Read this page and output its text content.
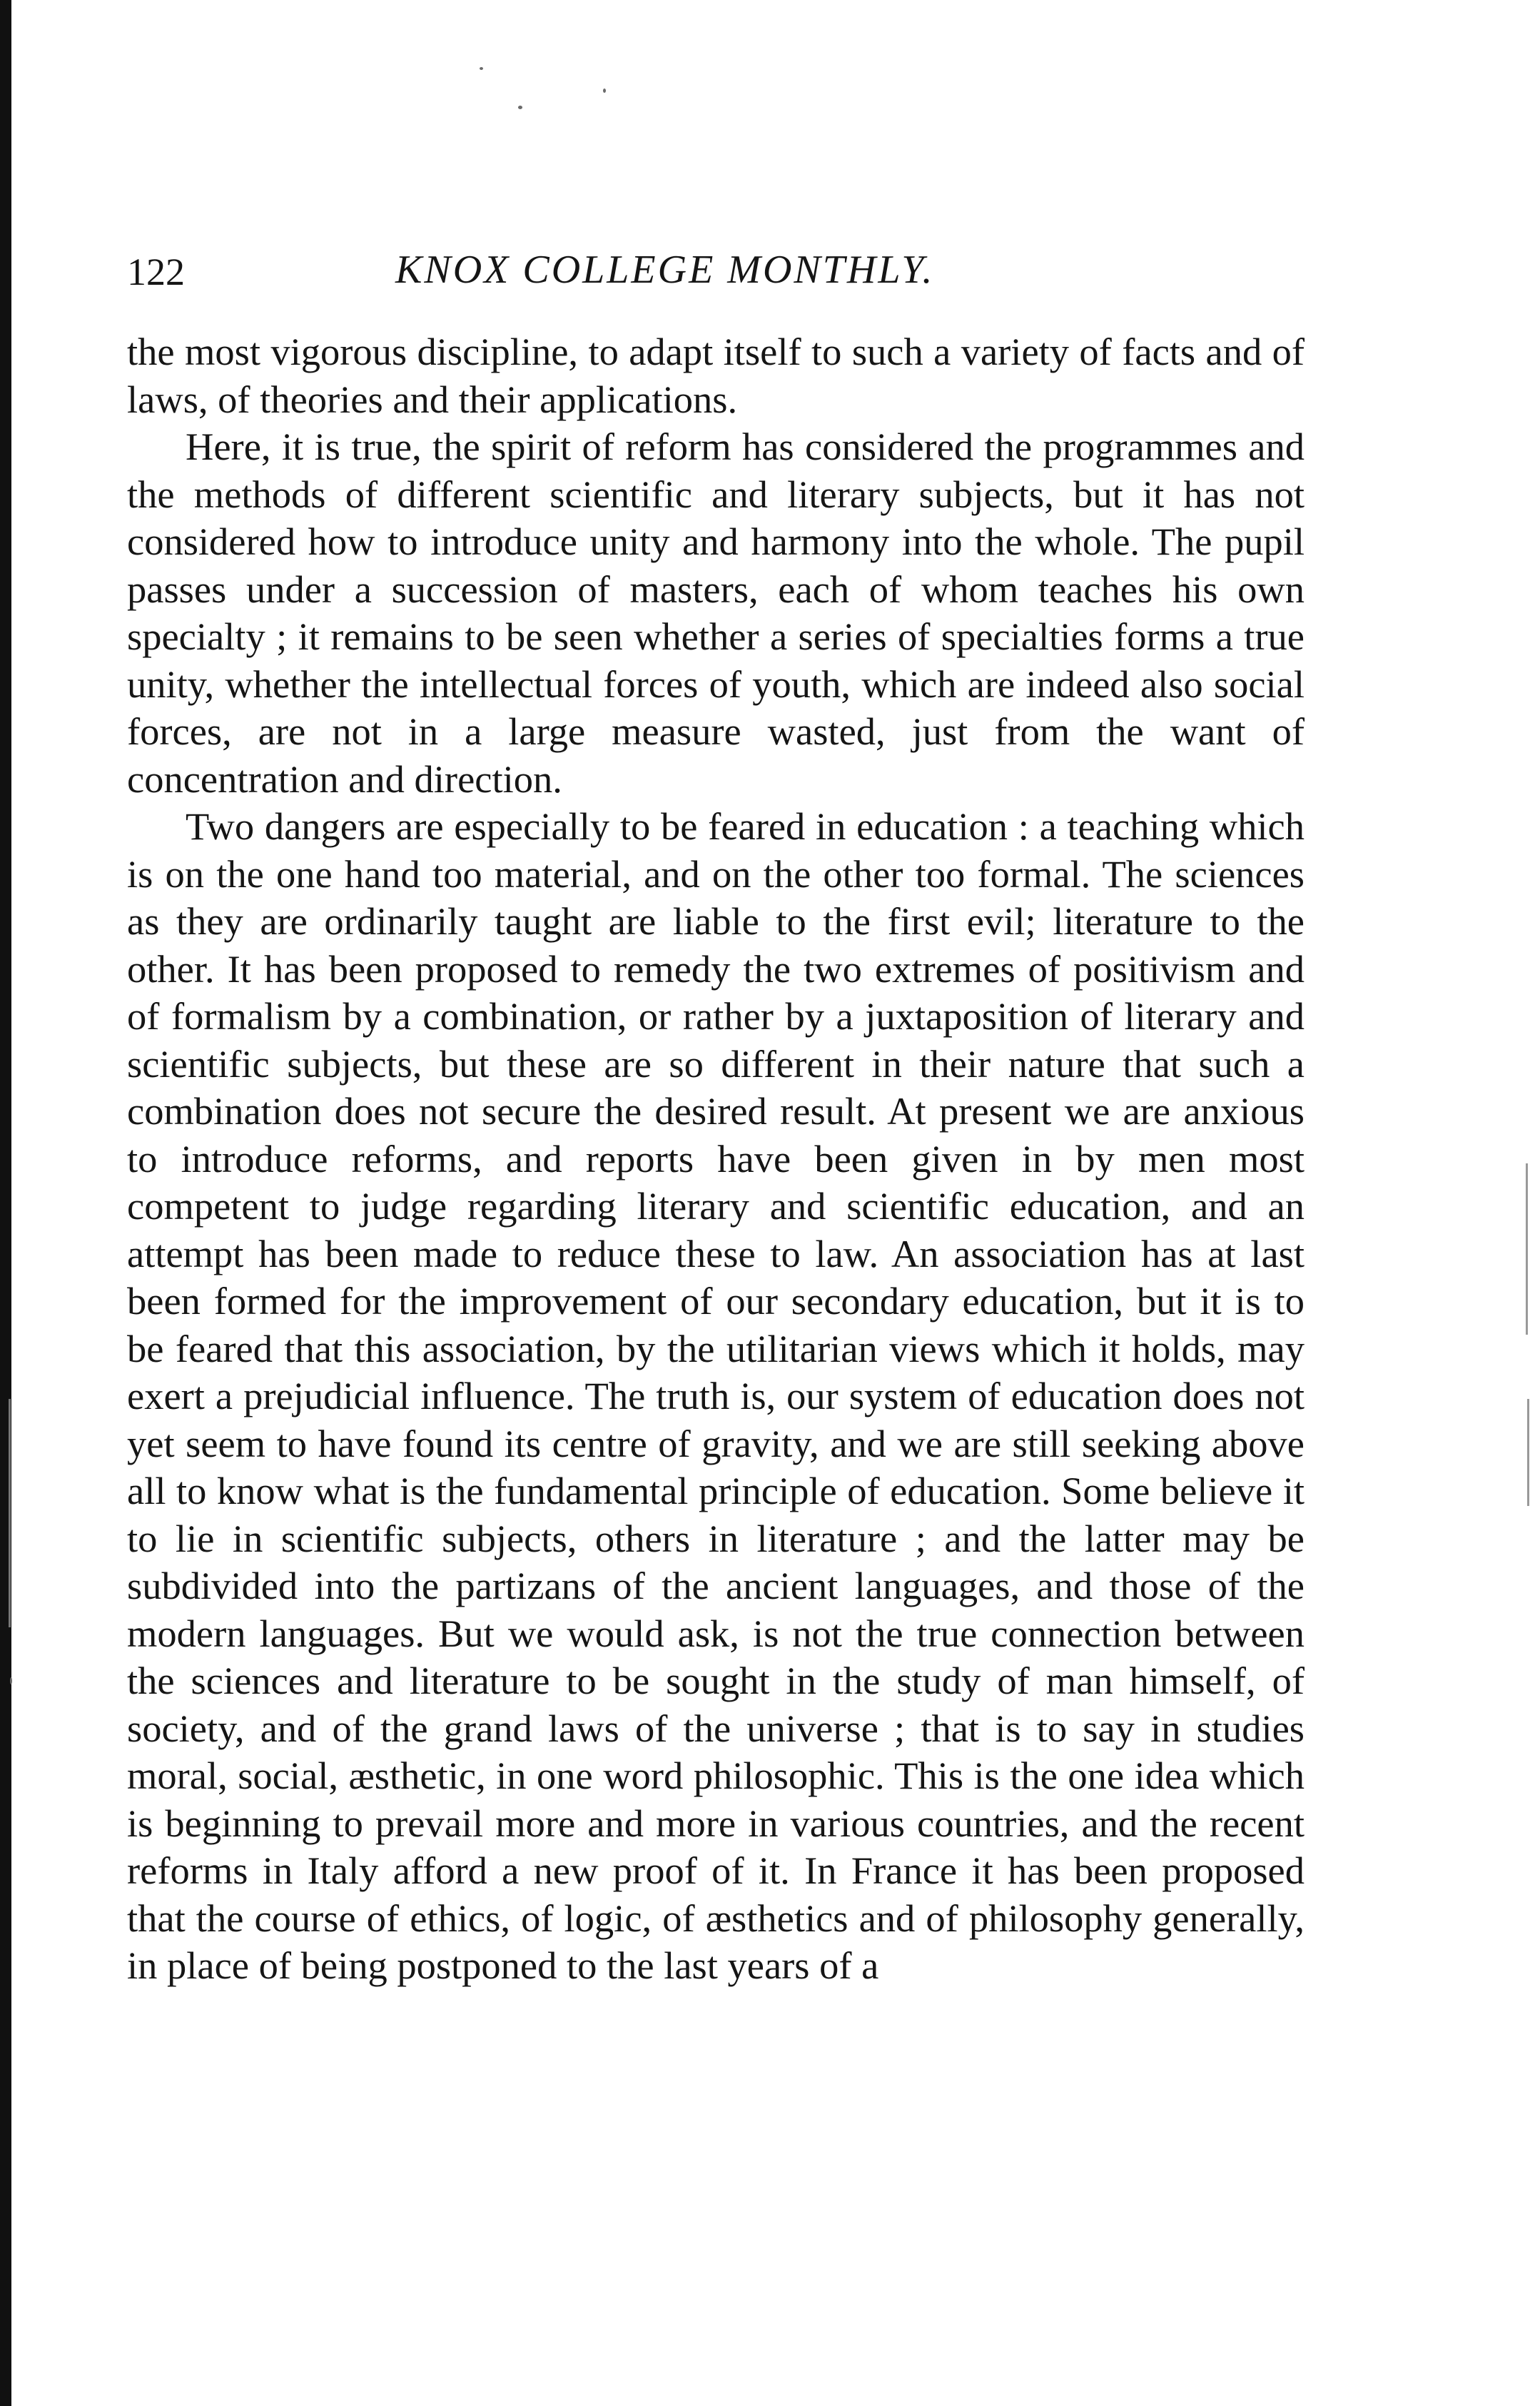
122	KNOX COLLEGE MONTHLY.

the most vigorous discipline, to adapt itself to such a variety of facts and of laws, of theories and their applications.

Here, it is true, the spirit of reform has considered the programmes and the methods of different scientific and literary subjects, but it has not considered how to introduce unity and harmony into the whole. The pupil passes under a succession of masters, each of whom teaches his own specialty ; it remains to be seen whether a series of specialties forms a true unity, whether the intellectual forces of youth, which are indeed also social forces, are not in a large measure wasted, just from the want of concentration and direction.

Two dangers are especially to be feared in education : a teaching which is on the one hand too material, and on the other too formal. The sciences as they are ordinarily taught are liable to the first evil; literature to the other. It has been proposed to remedy the two extremes of positivism and of formalism by a combination, or rather by a juxtaposition of literary and scientific subjects, but these are so different in their nature that such a combination does not secure the desired result. At present we are anxious to introduce reforms, and reports have been given in by men most competent to judge regarding literary and scientific education, and an attempt has been made to reduce these to law. An association has at last been formed for the improvement of our secondary education, but it is to be feared that this association, by the utilitarian views which it holds, may exert a prejudicial influence. The truth is, our system of education does not yet seem to have found its centre of gravity, and we are still seeking above all to know what is the fundamental principle of education. Some believe it to lie in scientific subjects, others in literature ; and the latter may be subdivided into the partizans of the ancient languages, and those of the modern languages. But we would ask, is not the true connection between the sciences and literature to be sought in the study of man himself, of society, and of the grand laws of the universe ; that is to say in studies moral, social, æsthetic, in one word philosophic. This is the one idea which is beginning to prevail more and more in various countries, and the recent reforms in Italy afford a new proof of it. In France it has been proposed that the course of ethics, of logic, of æsthetics and of philosophy generally, in place of being postponed to the last years of a
